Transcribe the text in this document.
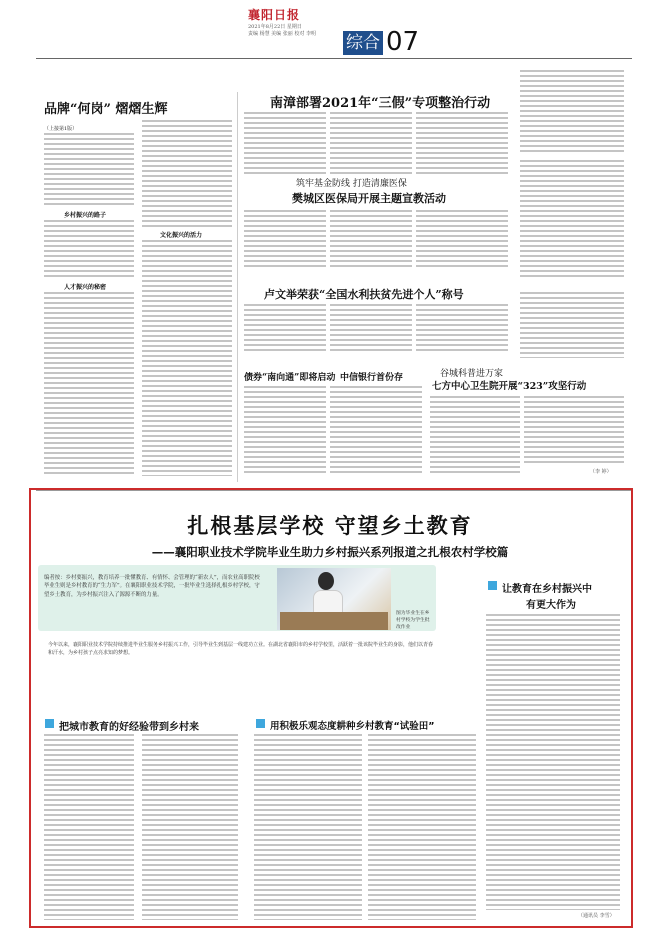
襄阳日报
2021年8月22日 星期日
责编 杨慧 美编 张丽 校对 李明	综合 07
品牌“何岗” 熠熠生辉
（上接第1版）
乡村振兴的路子
人才振兴的秘密
文化振兴的活力
南漳部署2021年“三假”专项整治行动
筑牢基金防线 打造清廉医保
樊城区医保局开展主题宣教活动
卢文举荣获“全国水利扶贫先进个人”称号
债券“南向通”即将启动 中信银行首份存	谷城科普进万家
七方中心卫生院开展“323”攻坚行动
（李 婷）
扎根基层学校 守望乡土教育
——襄阳职业技术学院毕业生助力乡村振兴系列报道之扎根农村学校篇
编者按：乡村要振兴，教育培养一批懂教育、有情怀、会管理的“新农人”，而农业高职院校毕业生则是乡村教育的“生力军”。在襄阳职业技术学院，一批毕业生选择扎根乡村学校，守望乡土教育，为乡村振兴注入了源源不断的力量。
图为毕业生在乡村学校为学生批改作业
今年以来，襄阳职业技术学院持续推进毕业生服务乡村振兴工作，引导毕业生到基层一线建功立业。在湖北省襄阳市的乡村学校里，活跃着一批该院毕业生的身影，他们以青春和汗水，为乡村孩子点亮求知的梦想。
让教育在乡村振兴中
有更大作为
（通讯员 李雪）
把城市教育的好经验带到乡村来	用积极乐观态度耕种乡村教育“试验田”
